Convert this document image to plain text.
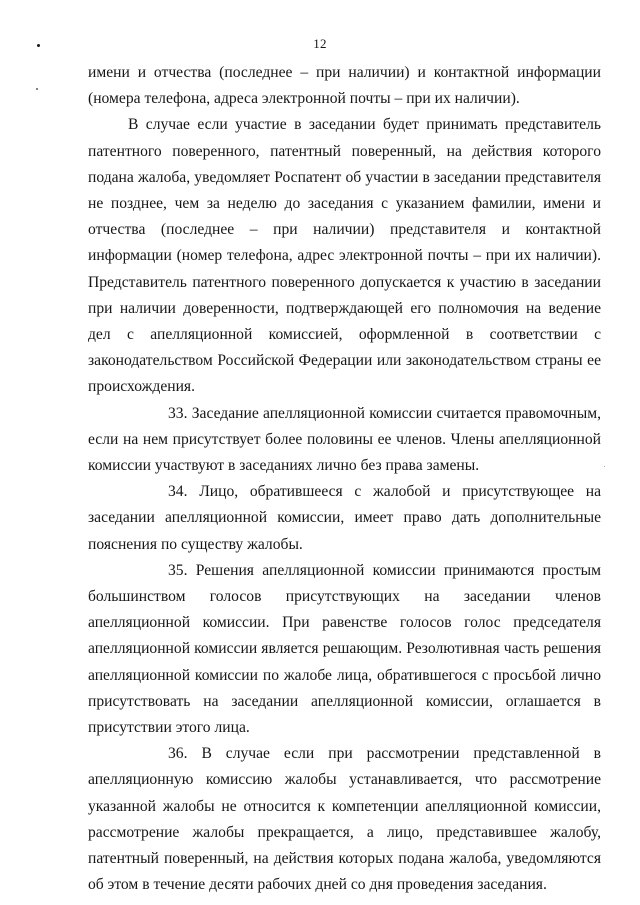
12

имени и отчества (последнее – при наличии) и контактной информации (номера телефона, адреса электронной почты – при их наличии).

В случае если участие в заседании будет принимать представитель патентного поверенного, патентный поверенный, на действия которого подана жалоба, уведомляет Роспатент об участии в заседании представителя не позднее, чем за неделю до заседания с указанием фамилии, имени и отчества (последнее – при наличии) представителя и контактной информации (номер телефона, адрес электронной почты – при их наличии). Представитель патентного поверенного допускается к участию в заседании при наличии доверенности, подтверждающей его полномочия на ведение дел с апелляционной комиссией, оформленной в соответствии с законодательством Российской Федерации или законодательством страны ее происхождения.

33. Заседание апелляционной комиссии считается правомочным, если на нем присутствует более половины ее членов. Члены апелляционной комиссии участвуют в заседаниях лично без права замены.

34. Лицо, обратившееся с жалобой и присутствующее на заседании апелляционной комиссии, имеет право дать дополнительные пояснения по существу жалобы.

35. Решения апелляционной комиссии принимаются простым большинством голосов присутствующих на заседании членов апелляционной комиссии. При равенстве голосов голос председателя апелляционной комиссии является решающим. Резолютивная часть решения апелляционной комиссии по жалобе лица, обратившегося с просьбой лично присутствовать на заседании апелляционной комиссии, оглашается в присутствии этого лица.

36. В случае если при рассмотрении представленной в апелляционную комиссию жалобы устанавливается, что рассмотрение указанной жалобы не относится к компетенции апелляционной комиссии, рассмотрение жалобы прекращается, а лицо, представившее жалобу, патентный поверенный, на действия которых подана жалоба, уведомляются об этом в течение десяти рабочих дней со дня проведения заседания.
